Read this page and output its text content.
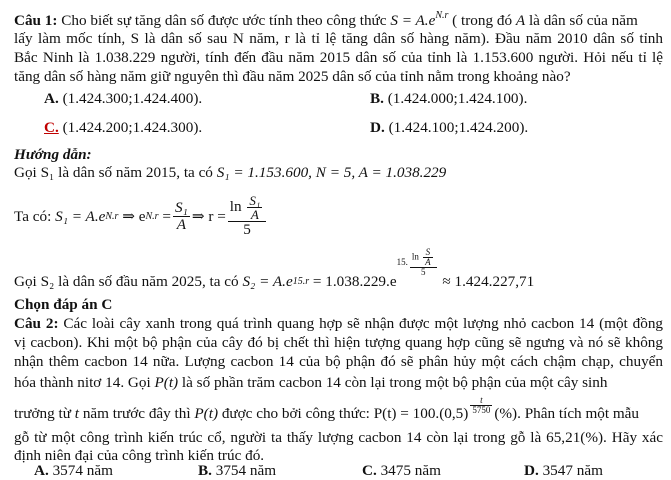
Câu 1: Cho biết sự tăng dân số được ước tính theo công thức $S = A.e^{N.r}$ ( trong đó A là dân số của năm
lấy làm mốc tính, S là dân số sau N năm, r là tỉ lệ tăng dân số hàng năm). Đầu năm 2010 dân số tỉnh
Bắc Ninh là 1.038.229 người, tính đến đầu năm 2015 dân số của tỉnh là 1.153.600 người. Hỏi nếu tỉ lệ
tăng dân số hàng năm giữ nguyên thì đầu năm 2025 dân số của tỉnh nằm trong khoảng nào?
A. (1.424.300;1.424.400).	B. (1.424.000;1.424.100).
C. (1.424.200;1.424.300).	D. (1.424.100;1.424.200).
Hướng dẫn:
Gọi S₁ là dân số năm 2015, ta có S₁ = 1.153.600, N = 5, A = 1.038.229
Ta có:
S₁ = A.e N.r
⇒ e $N.r = \frac{\text{S₁}}{A}$ ⇒ $r = \frac{\ln \frac{\text{S₁}}{A}}{5}$
Gọi S₂ là dân số đầu năm 2025, ta có
S₂ = A.e 15.r
= 1.038.229.e
15. $\frac{\ln \frac{S}{A}}{5}$

≈ 1.424.227,71
Chọn đáp án C
Câu 2: Các loài cây xanh trong quá trình quang hợp sẽ nhận được một lượng nhỏ cacbon 14 (một đồng
vị cacbon). Khi một bộ phận của cây đó bị chết thì hiện tượng quang hợp cũng sẽ ngưng và nó sẽ không
nhận thêm cacbon 14 nữa. Lượng cacbon 14 của bộ phận đó sẽ phân hủy một cách chậm chạp, chuyển
hóa thành nitơ 14. Gọi P(t) là số phần trăm cacbon 14 còn lại trong một bộ phận của một cây sinh
trưởng từ
t
năm trước đây thì
P(t)
được cho bởi công thức:
$P(t) = 100.(0,5) \frac{t}{5750}$ (%).
Phân tích một mẫu
gỗ từ một công trình kiến trúc cổ, người ta thấy lượng cacbon 14 còn lại trong gỗ là 65,21(%). Hãy xác
định niên đại của công trình kiến trúc đó.
A. 3574 năm	B. 3754 năm	C. 3475 năm	D. 3547 năm
